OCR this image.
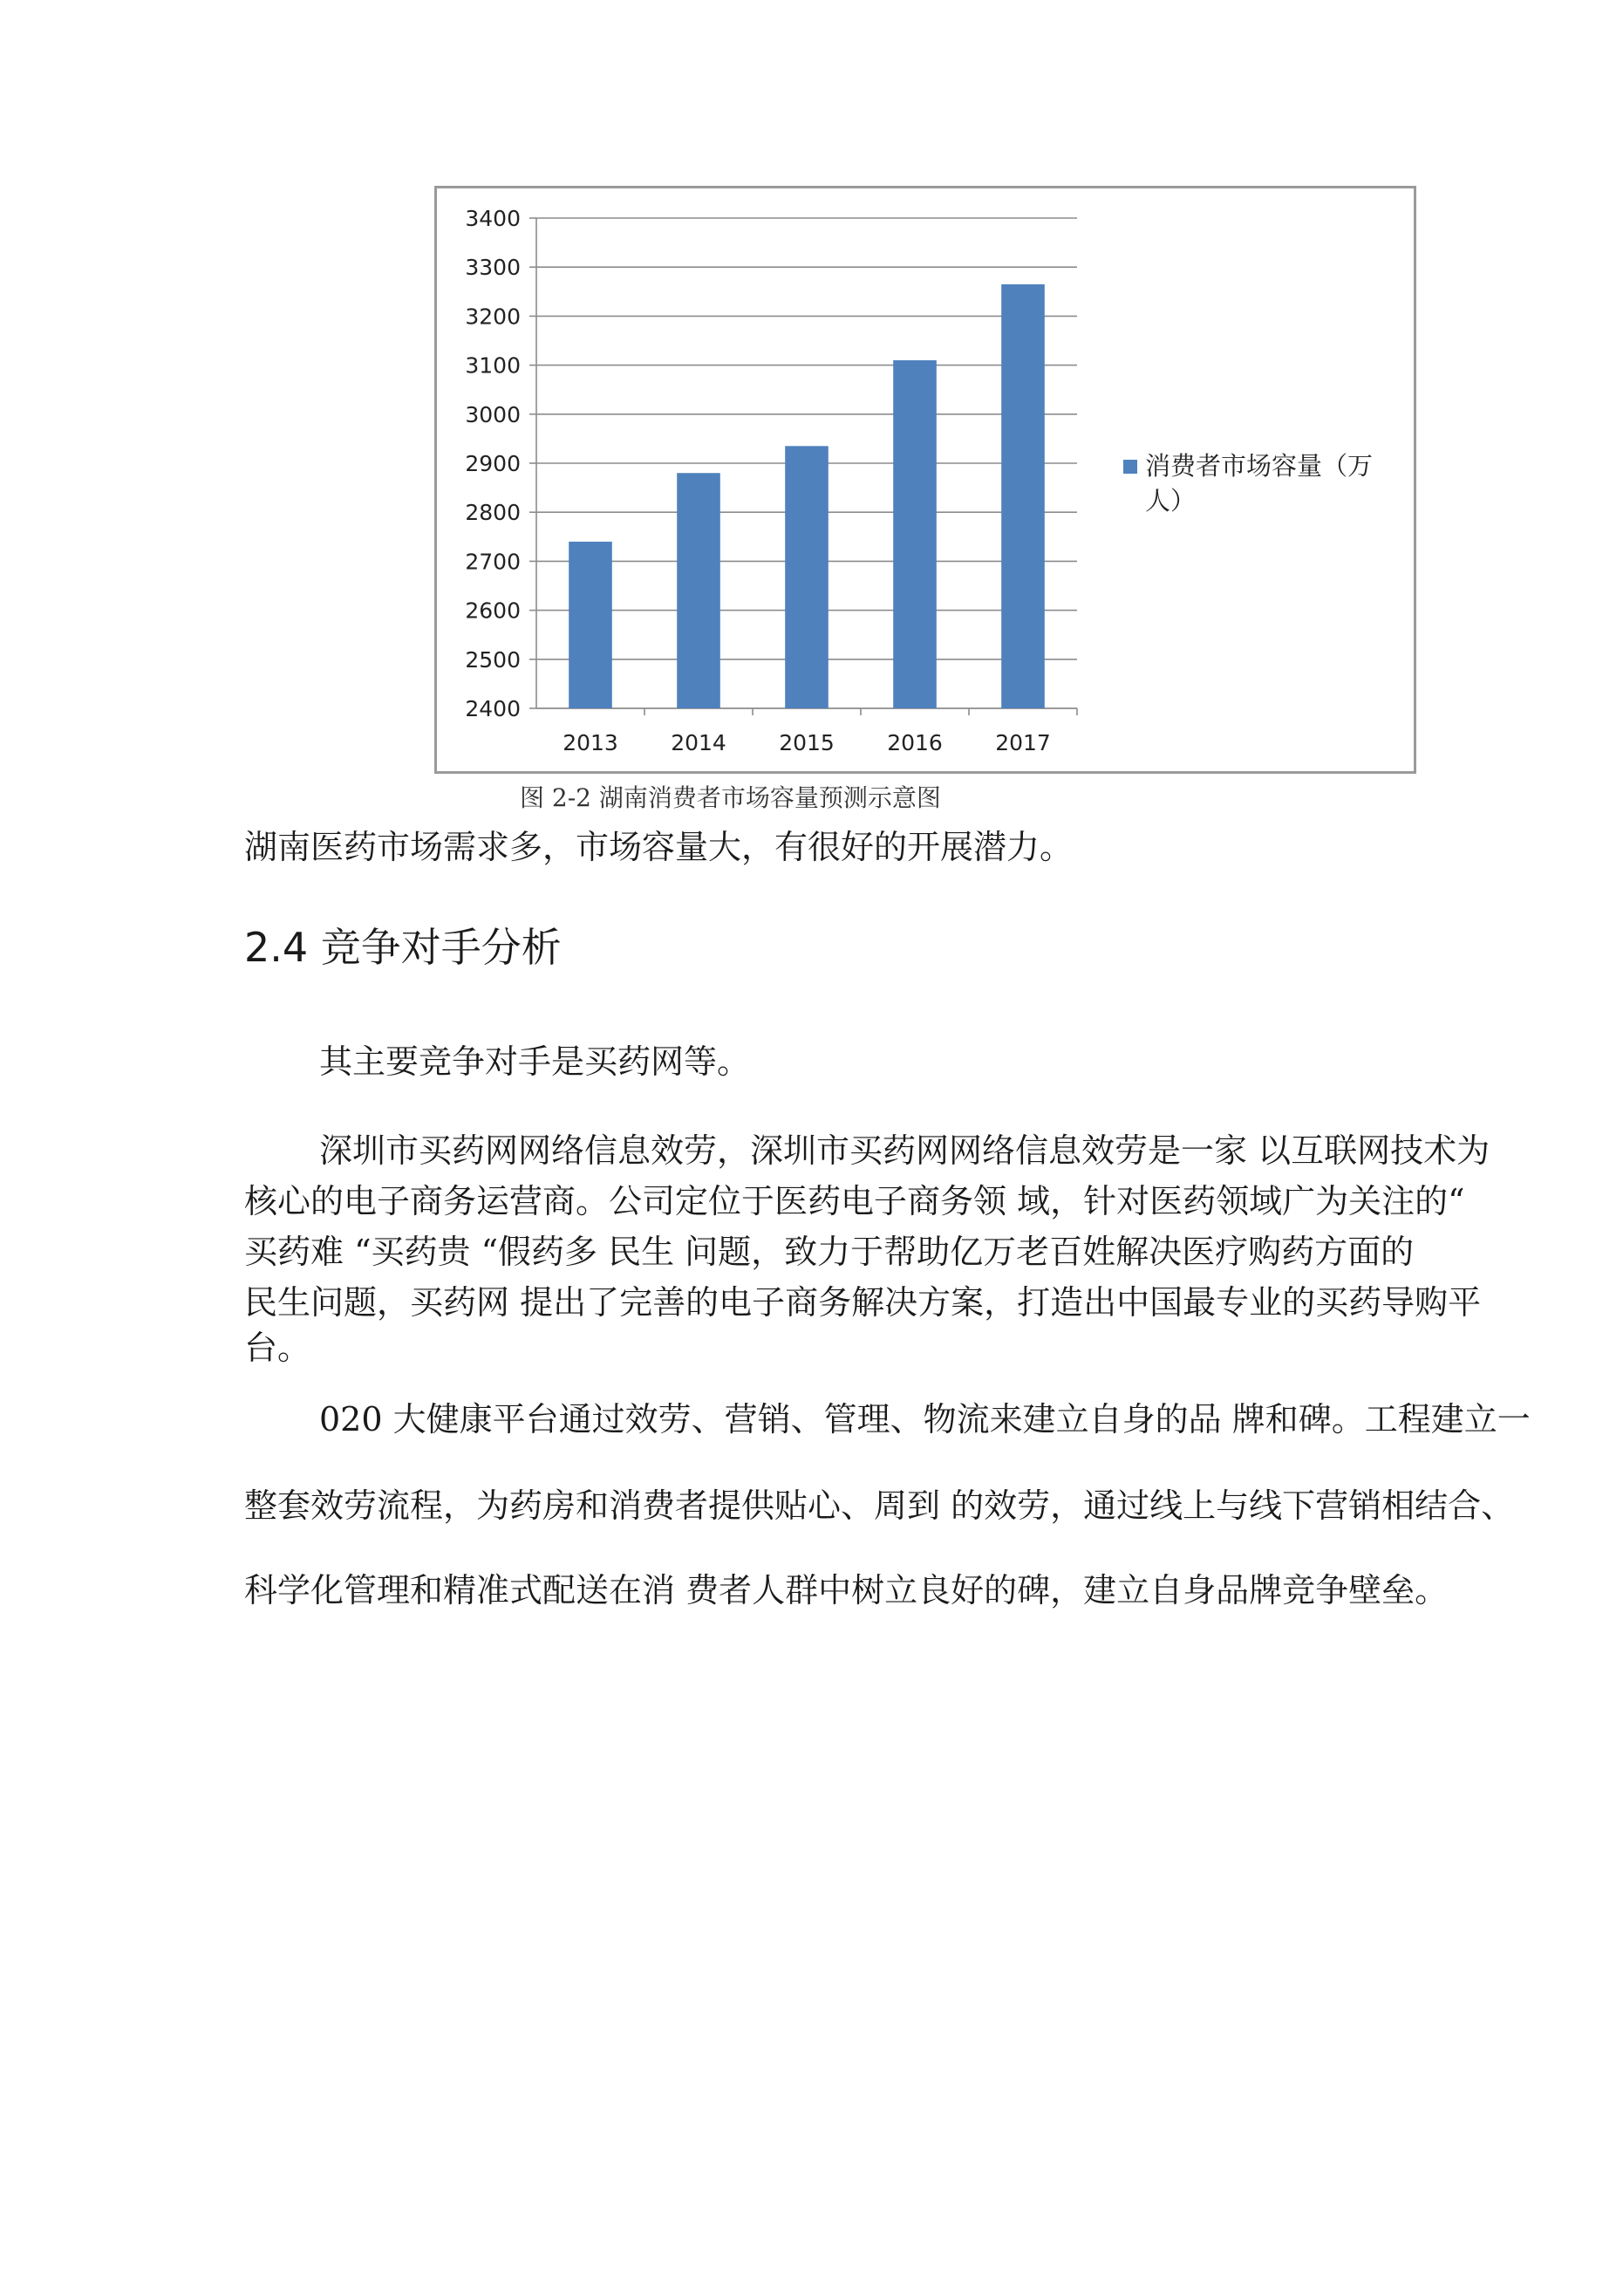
2400
2500
2600
2700
2800
2900
3000
3100
3200
3300
3400
2013 2014 2015 2016 2017
消费者市场容量（万
人）
图 2-2 湖南消费者市场容量预测示意图

湖南医药市场需求多，市场容量大，有很好的开展潜力。

2.4 竞争对手分析

其主要竞争对手是买药网等。

深圳市买药网网络信息效劳，深圳市买药网网络信息效劳是一家 以互联网技术为

核心的电子商务运营商。公司定位于医药电子商务领 域，针对医药领域广为关注的“

买药难 “买药贵 “假药多 民生 问题，致力于帮助亿万老百姓解决医疗购药方面的

民生问题，买药网 提出了完善的电子商务解决方案，打造出中国最专业的买药导购平

台。

020 大健康平台通过效劳、营销、管理、物流来建立自身的品 牌和碑。工程建立一

整套效劳流程，为药房和消费者提供贴心、周到 的效劳，通过线上与线下营销相结合、

科学化管理和精准式配送在消 费者人群中树立良好的碑，建立自身品牌竞争壁垒。
